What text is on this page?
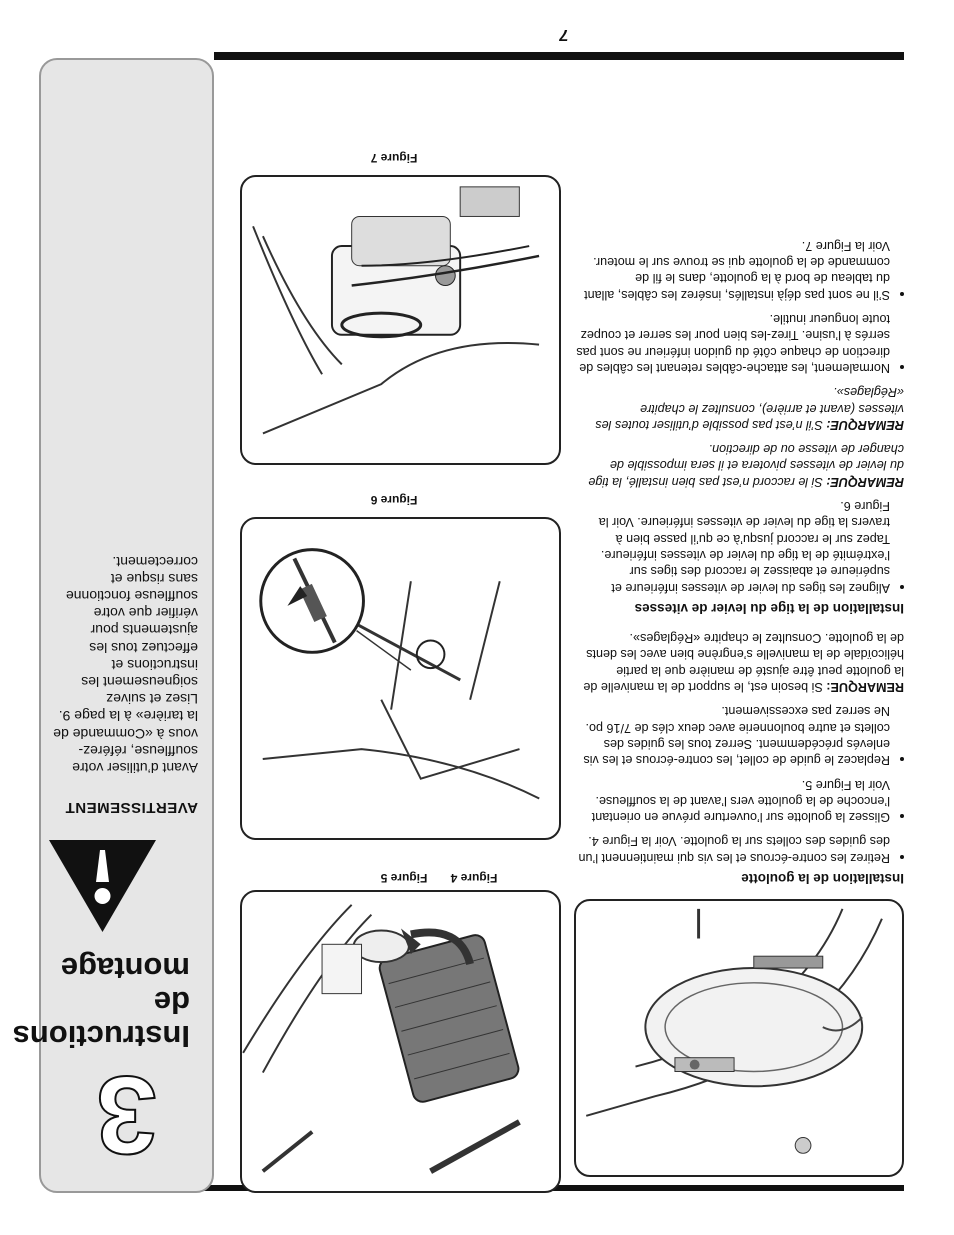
7
3
Instructions de montage
AVERTISSEMENT
Avant d’utiliser votre souffleuse, référez-vous à «Commande de la tarière» à la page 9. Lisez et suivez soigneusement les instructions et effectuez tous les ajustements pour vérifier que votre souffleuse fonctionne sans risque et correctement.
Figure 4
Figure 5
Figure 6
Figure 7
Installation de la goulotte
• Retirez les contre-écrous et les vis qui maintiennent l’un des guides des collets sur la goulotte. Voir la Figure 4.
• Glissez la goulotte sur l’ouverture prévue en orientant l’encoche de la goulotte vers l’avant de la souffleuse. Voir la Figure 5.
• Replacez le guide de collet, les contre-écrous et les vis enlevés précédemment. Serrez tous les guides des collets et autre boulonnerie avec deux clés de 7/16 po. Ne serrez pas excessivement.

REMARQUE: Si besoin est, le support de la manivelle de la goulotte peut être ajusté de manière que la partie hélicoïdale de la manivelle s’engrène bien avec les dents de la goulotte. Consultez le chapitre «Réglages».

Installation de la tige du levier de vitesses
• Alignez les tiges du levier de vitesses inférieure et supérieure et abaissez le raccord des tiges sur l’extrémité de la tige du levier de vitesses inférieure. Tapez sur le raccord jusqu’à ce qu’il passe bien à travers la tige du levier de vitesses inférieure. Voir la Figure 6.

REMARQUE: Si le raccord n’est pas bien installé, la tige du levier de vitesses pivotera et il sera impossible de changer de vitesse ou de direction.

REMARQUE: S’il n’est pas possible d’utiliser toutes les vitesses (avant et arrière), consultez le chapitre «Réglages».

• Normalement, les attache-câbles retenant les câbles de direction de chaque côté du guidon inférieur ne sont pas serrés à l’usine. Tirez-les bien pour les serrer et coupez toute longueur inutile.
• S’il ne sont pas déjà installés, insérez les câbles, allant du tableau de bord à la goulotte, dans le fil de commande de la goulotte qui se trouve sur le moteur. Voir la Figure 7.
